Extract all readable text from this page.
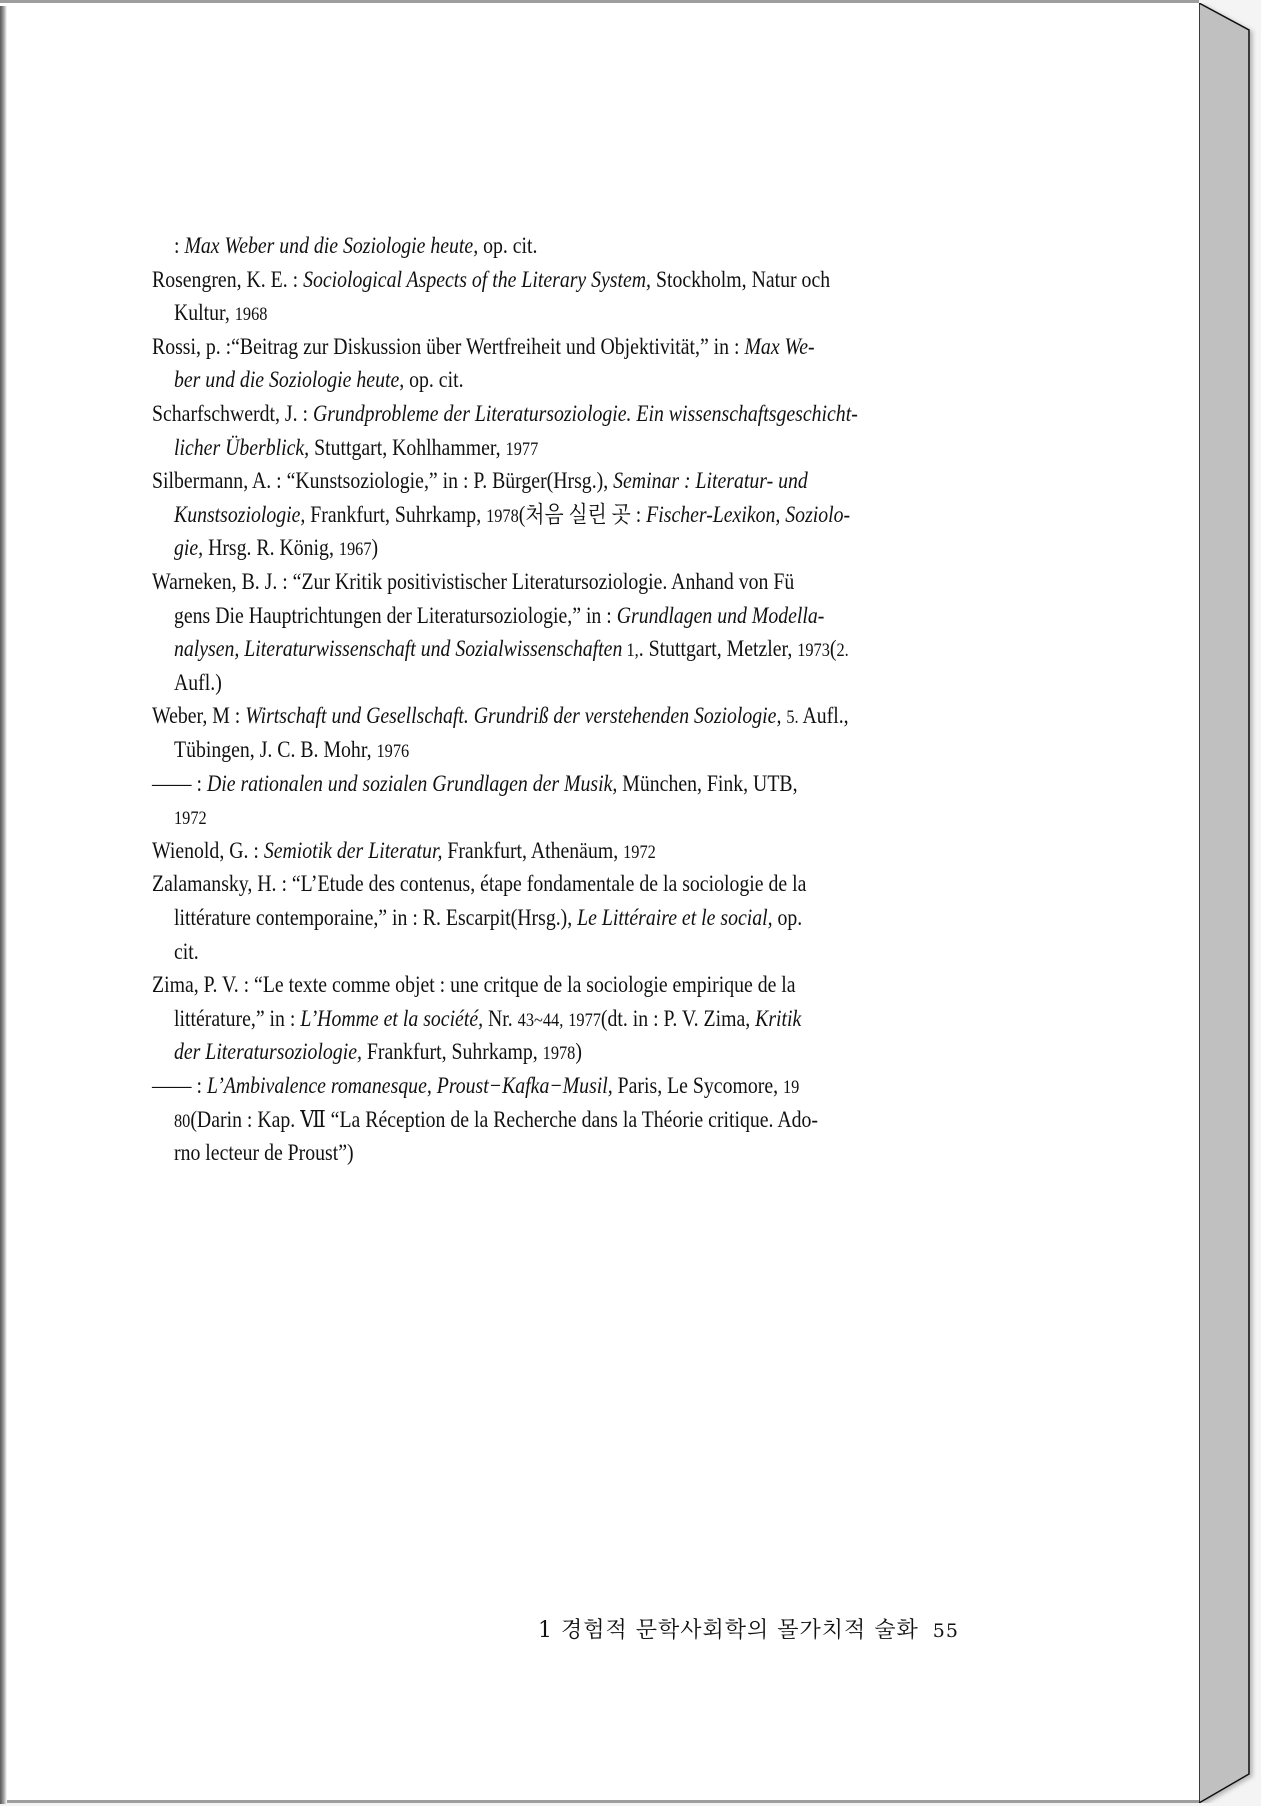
: Max Weber und die Soziologie heute, op. cit.
Rosengren, K. E. : Sociological Aspects of the Literary System, Stockholm, Natur och
Kultur, 1968
Rossi, p. :“Beitrag zur Diskussion über Wertfreiheit und Objektivität,” in : Max We-
ber und die Soziologie heute, op. cit.
Scharfschwerdt, J. : Grundprobleme der Literatursoziologie. Ein wissenschaftsgeschicht-
licher Überblick, Stuttgart, Kohlhammer, 1977
Silbermann, A. : “Kunstsoziologie,” in : P. Bürger(Hrsg.), Seminar : Literatur- und
Kunstsoziologie, Frankfurt, Suhrkamp, 1978(처음 실린 곳 : Fischer-Lexikon, Soziolo-
gie, Hrsg. R. König, 1967)
Warneken, B. J. : “Zur Kritik positivistischer Literatursoziologie. Anhand von Fü
gens Die Hauptrichtungen der Literatursoziologie,” in : Grundlagen und Modella-
nalysen, Literaturwissenschaft und Sozialwissenschaften 1,. Stuttgart, Metzler, 1973(2.
Aufl.)
Weber, M : Wirtschaft und Gesellschaft. Grundriß der verstehenden Soziologie, 5. Aufl.,
Tübingen, J. C. B. Mohr, 1976
—— : Die rationalen und sozialen Grundlagen der Musik, München, Fink, UTB,
1972
Wienold, G. : Semiotik der Literatur, Frankfurt, Athenäum, 1972
Zalamansky, H. : “L’Etude des contenus, étape fondamentale de la sociologie de la
littérature contemporaine,” in : R. Escarpit(Hrsg.), Le Littéraire et le social, op.
cit.
Zima, P. V. : “Le texte comme objet : une critque de la sociologie empirique de la
littérature,” in : L’Homme et la société, Nr. 43~44, 1977(dt. in : P. V. Zima, Kritik
der Literatursoziologie, Frankfurt, Suhrkamp, 1978)
—— : L’Ambivalence romanesque, Proust−Kafka−Musil, Paris, Le Sycomore, 19
80(Darin : Kap. Ⅶ “La Réception de la Recherche dans la Théorie critique. Ado-
rno lecteur de Proust”)
1 경험적 문학사회학의 몰가치적 술화 55
